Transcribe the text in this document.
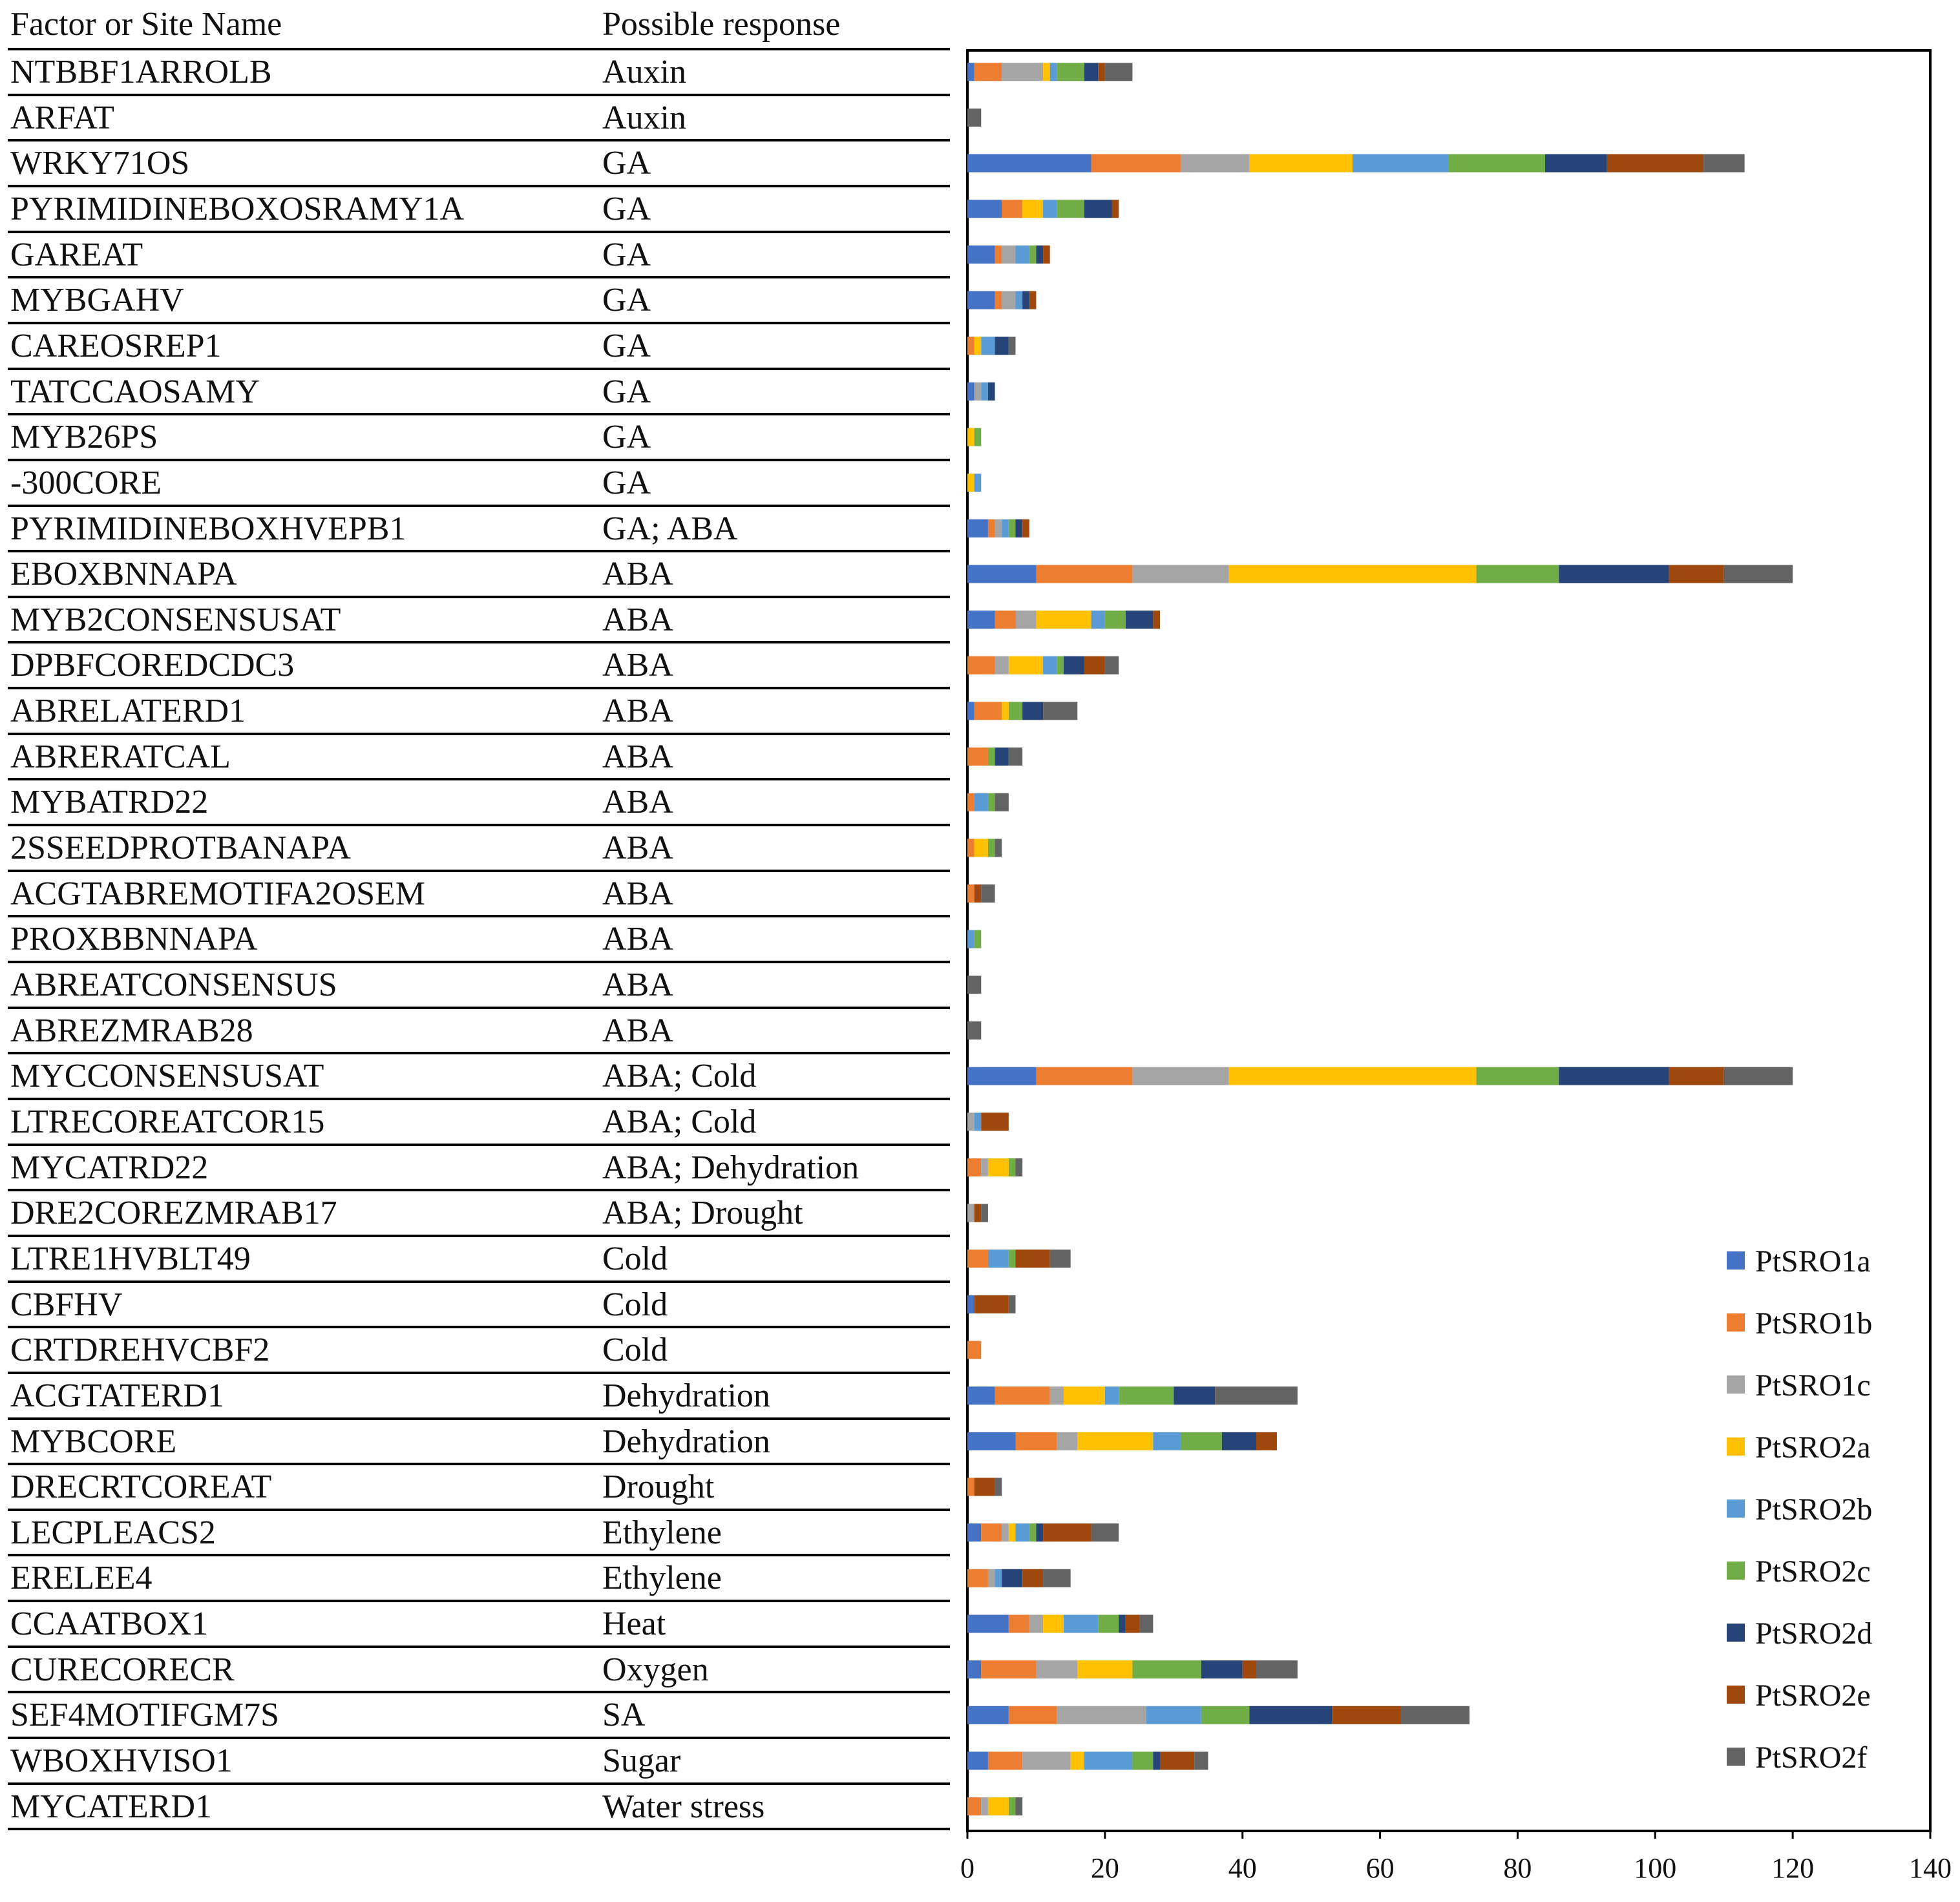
Factor or Site Name	Possible response
NTBBF1ARROLB	Auxin
ARFAT	Auxin
WRKY71OS	GA
PYRIMIDINEBOXOSRAMY1A	GA
GAREAT	GA
MYBGAHV	GA
CAREOSREP1	GA
TATCCAOSAMY	GA
MYB26PS	GA
-300CORE	GA
PYRIMIDINEBOXHVEPB1	GA; ABA
EBOXBNNAPA	ABA
MYB2CONSENSUSAT	ABA
DPBFCOREDCDC3	ABA
ABRELATERD1	ABA
ABRERATCAL	ABA
MYBATRD22	ABA
2SSEEDPROTBANAPA	ABA
ACGTABREMOTIFA2OSEM	ABA
PROXBBNNAPA	ABA
ABREATCONSENSUS	ABA
ABREZMRAB28	ABA
MYCCONSENSUSAT	ABA; Cold
LTRECOREATCOR15	ABA; Cold
MYCATRD22	ABA; Dehydration
DRE2COREZMRAB17	ABA; Drought
LTRE1HVBLT49	Cold
CBFHV	Cold
CRTDREHVCBF2	Cold
ACGTATERD1	Dehydration
MYBCORE	Dehydration
DRECRTCOREAT	Drought
LECPLEACS2	Ethylene
ERELEE4	Ethylene
CCAATBOX1	Heat
CURECORECR	Oxygen
SEF4MOTIFGM7S	SA
WBOXHVISO1	Sugar
MYCATERD1	Water stress
0	20	40	60	80	100	120	140
PtSRO1a
PtSRO1b
PtSRO1c
PtSRO2a
PtSRO2b
PtSRO2c
PtSRO2d
PtSRO2e
PtSRO2f
